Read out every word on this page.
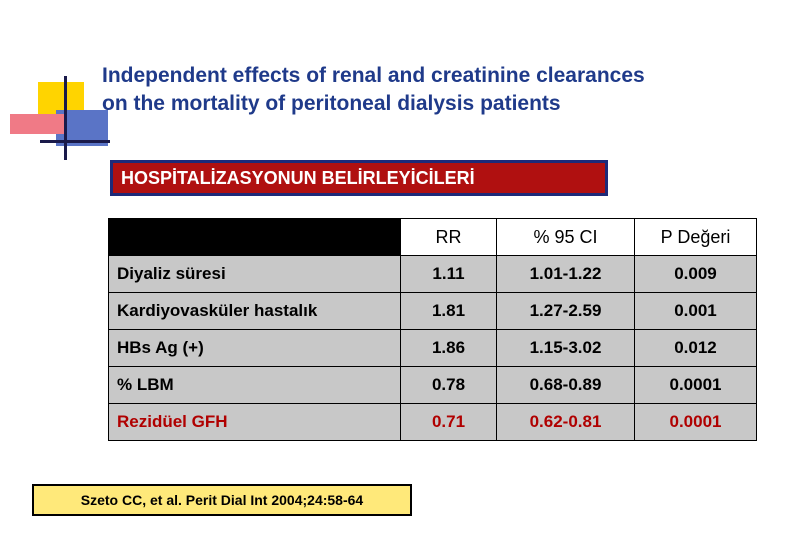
Independent effects of renal and creatinine clearances
on the mortality of peritoneal dialysis patients
HOSPİTALİZASYONUN BELİRLEYİCİLERİ
	RR	% 95 CI	P Değeri
Diyaliz süresi	1.11	1.01-1.22	0.009
Kardiyovasküler hastalık	1.81	1.27-2.59	0.001
HBs Ag (+)	1.86	1.15-3.02	0.012
% LBM	0.78	0.68-0.89	0.0001
Rezidüel GFH	0.71	0.62-0.81	0.0001
Szeto CC, et al. Perit Dial Int 2004;24:58-64
